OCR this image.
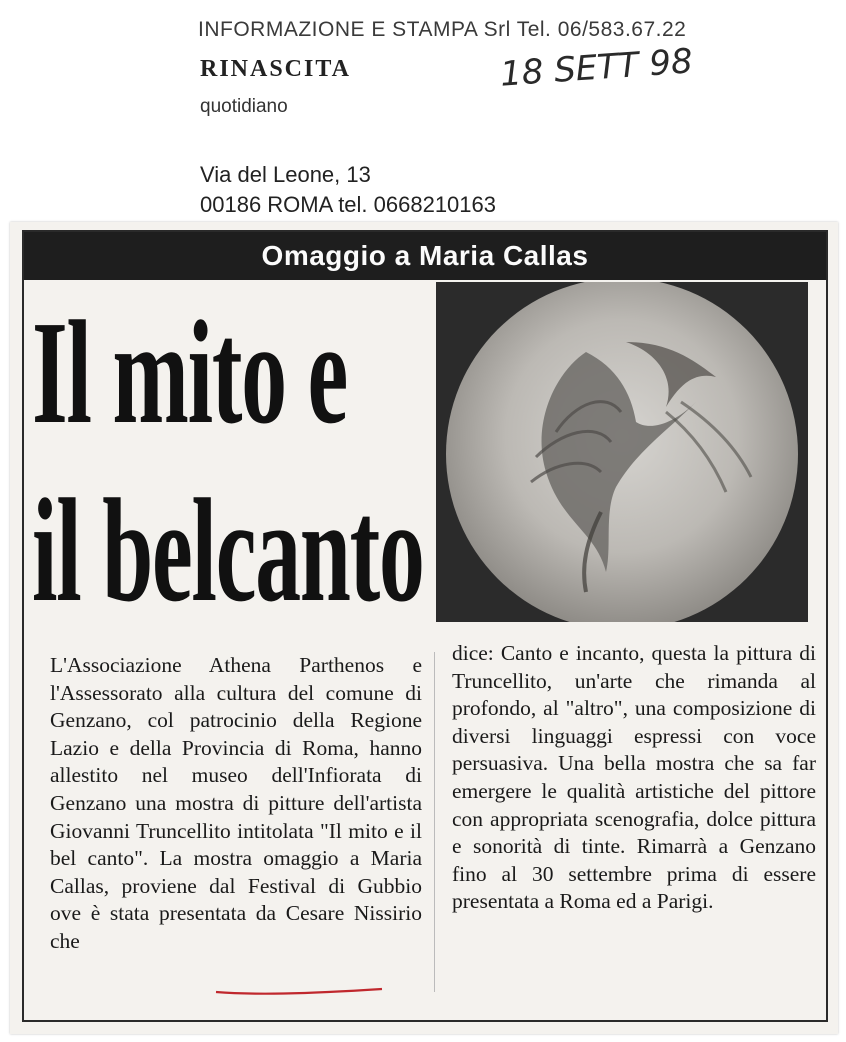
INFORMAZIONE E STAMPA Srl Tel. 06/583.67.22
RINASCITA
quotidiano
18 SETT 98
Via del Leone, 13
00186 ROMA tel. 0668210163
Omaggio a Maria Callas
Il mito e
il belcanto
L'Associazione Athena Parthenos e l'Assessorato alla cultura del comune di Genzano, col patrocinio della Regione Lazio e della Provincia di Roma, hanno allestito nel museo dell'Infiorata di Genzano una mostra di pitture dell'artista Giovanni Truncellito intitolata "Il mito e il bel canto". La mostra omaggio a Maria Callas, proviene dal Festival di Gubbio ove è stata presentata da Cesare Nissirio che
dice: Canto e incanto, questa la pittura di Truncellito, un'arte che rimanda al profondo, al "altro", una composizione di diversi linguaggi espressi con voce persuasiva. Una bella mostra che sa far emergere le qualità artistiche del pittore con appropriata scenografia, dolce pittura e sonorità di tinte. Rimarrà a Genzano fino al 30 settembre prima di essere presentata a Roma ed a Parigi.
